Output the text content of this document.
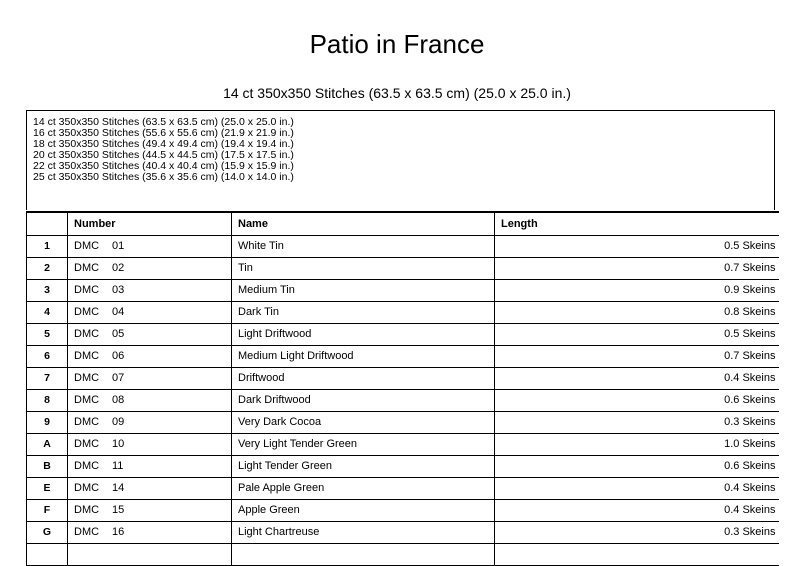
Patio in France
14 ct 350x350 Stitches (63.5 x 63.5 cm) (25.0 x 25.0 in.)
14 ct 350x350 Stitches (63.5 x 63.5 cm) (25.0 x 25.0 in.)
16 ct 350x350 Stitches (55.6 x 55.6 cm) (21.9 x 21.9 in.)
18 ct 350x350 Stitches (49.4 x 49.4 cm) (19.4 x 19.4 in.)
20 ct 350x350 Stitches (44.5 x 44.5 cm) (17.5 x 17.5 in.)
22 ct 350x350 Stitches (40.4 x 40.4 cm) (15.9 x 15.9 in.)
25 ct 350x350 Stitches (35.6 x 35.6 cm) (14.0 x 14.0 in.)
	Number	Name	Length
1	DMC 01	White Tin	0.5 Skeins
2	DMC 02	Tin	0.7 Skeins
3	DMC 03	Medium Tin	0.9 Skeins
4	DMC 04	Dark Tin	0.8 Skeins
5	DMC 05	Light Driftwood	0.5 Skeins
6	DMC 06	Medium Light Driftwood	0.7 Skeins
7	DMC 07	Driftwood	0.4 Skeins
8	DMC 08	Dark Driftwood	0.6 Skeins
9	DMC 09	Very Dark Cocoa	0.3 Skeins
A	DMC 10	Very Light Tender Green	1.0 Skeins
B	DMC 11	Light Tender Green	0.6 Skeins
E	DMC 14	Pale Apple Green	0.4 Skeins
F	DMC 15	Apple Green	0.4 Skeins
G	DMC 16	Light Chartreuse	0.3 Skeins
